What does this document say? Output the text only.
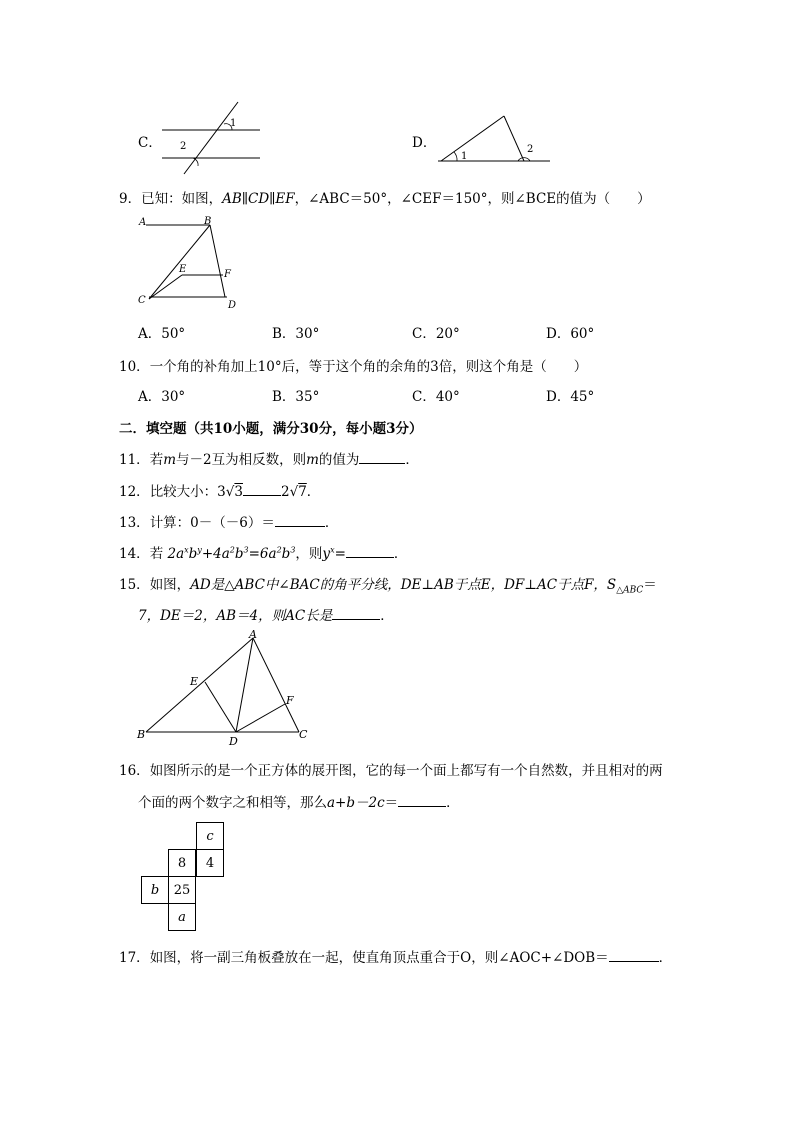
C．
1
2	D．
1
2
9．已知：如图，AB∥CD∥EF，∠ABC＝50°，∠CEF＝150°，则∠BCE的值为（　　）
A	B
E	F
C	D
A．50°	B．30°	C．20°	D．60°
10．一个角的补角加上10°后，等于这个角的余角的3倍，则这个角是（　　）
A．30°	B．35°	C．40°	D．45°
二．填空题（共10小题，满分30分，每小题3分）
11．若m与－2互为相反数，则m的值为	．
12．比较大小：3√3	2√7．
13．计算：0－（－6）＝	．
14．若 $2a^xb^y+4a^2b^3=6a^2b^3$，则$y^x=$	．
15．如图，AD是△ABC中∠BAC的角平分线，DE⊥AB于点E，DF⊥AC于点F，$S_{\triangle ABC}=$
7，DE＝2，AB＝4，则AC长是	．
A
E
F
B
D
C
16．如图所示的是一个正方体的展开图，它的每一个面上都写有一个自然数，并且相对的两
个面的两个数字之和相等，那么a+b－2c＝	．
c
8	4
b	25
a
17．如图，将一副三角板叠放在一起，使直角顶点重合于O，则∠AOC+∠DOB＝	．
